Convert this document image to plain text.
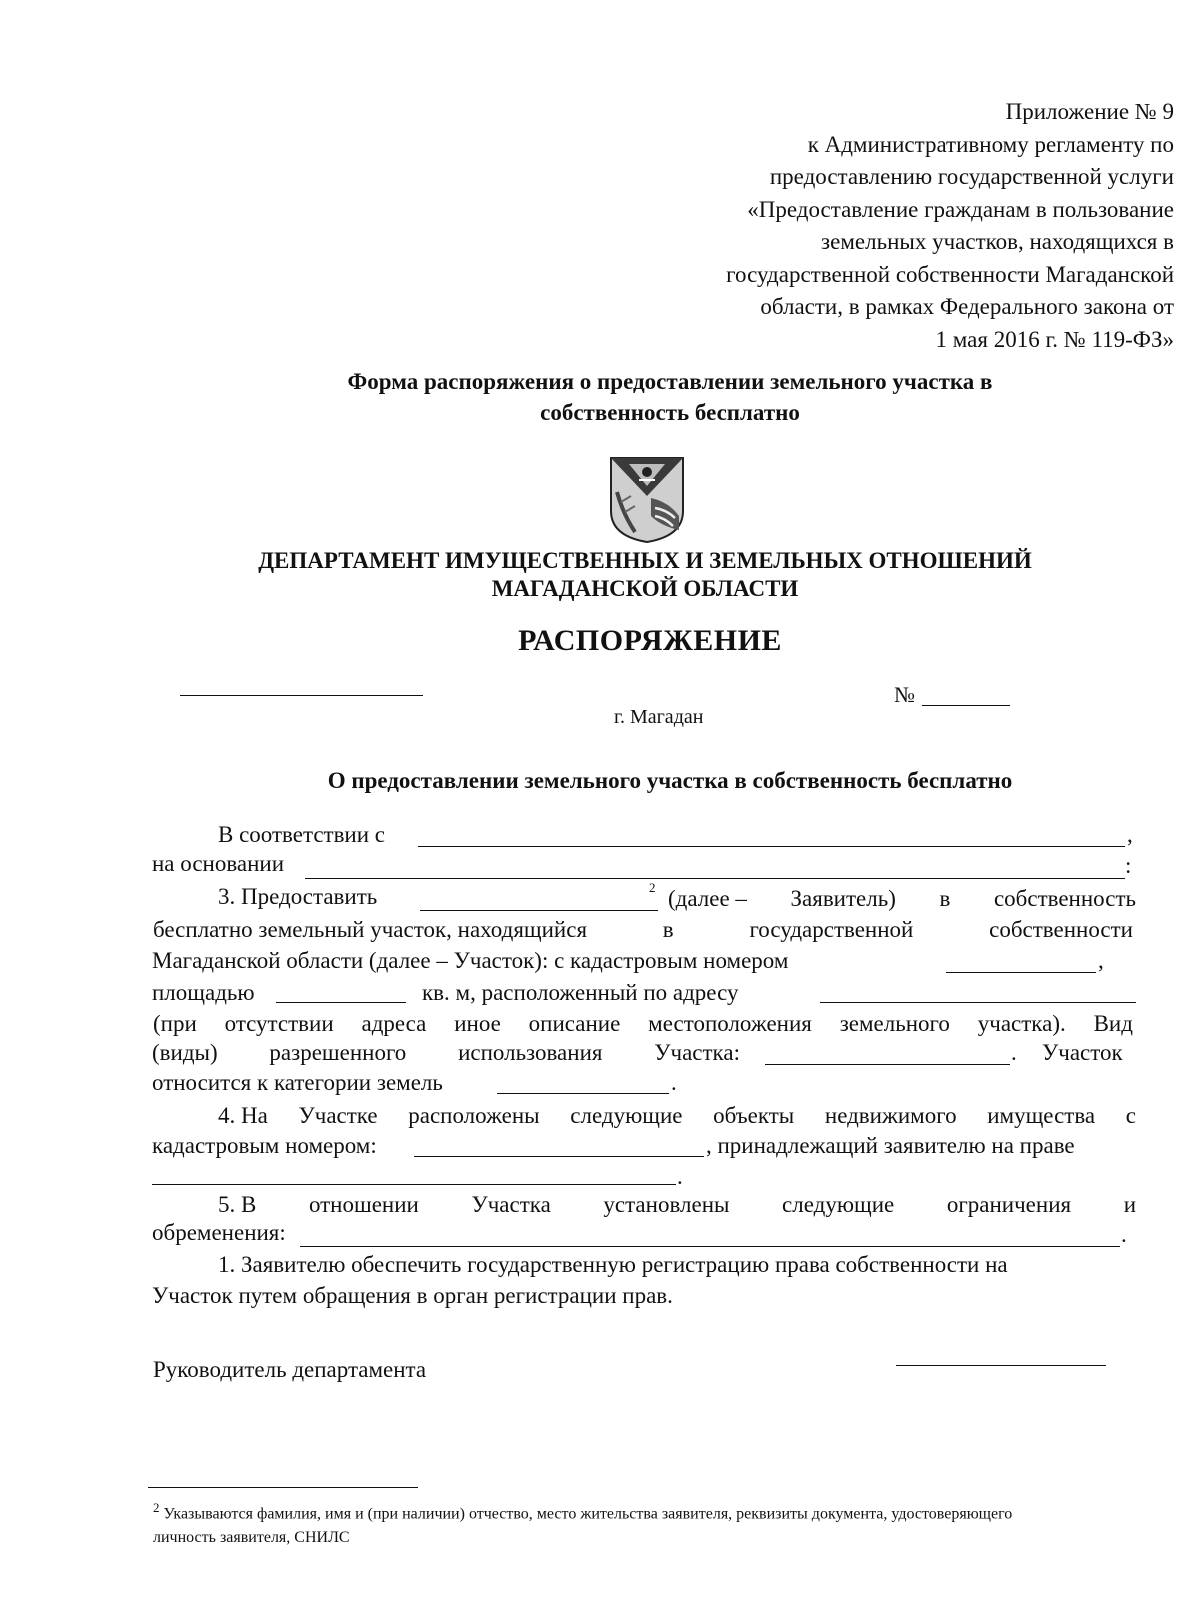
Приложение № 9
к Административному регламенту по
предоставлению государственной услуги
«Предоставление гражданам в пользование
земельных участков, находящихся в
государственной собственности Магаданской
области, в рамках Федерального закона от
1 мая 2016 г. № 119-ФЗ»
Форма распоряжения о предоставлении земельного участка в
собственность бесплатно
ДЕПАРТАМЕНТ ИМУЩЕСТВЕННЫХ И ЗЕМЕЛЬНЫХ ОТНОШЕНИЙ
МАГАДАНСКОЙ ОБЛАСТИ
РАСПОРЯЖЕНИЕ
№
г. Магадан
О предоставлении земельного участка в собственность бесплатно
В соответствии с	,
на основании	:
3. Предоставить	2 (далее – Заявитель) в собственность
бесплатно земельный участок, находящийся	в	государственной	собственности
Магаданской области (далее – Участок): с кадастровым номером	,
площадью	кв. м, расположенный по адресу
(при отсутствии адреса иное описание местоположения земельного участка). Вид
(виды) разрешенного использования Участка:	. Участок
относится к категории земель	.
4. На Участке расположены следующие объекты недвижимого имущества с
кадастровым номером:	, принадлежащий заявителю на праве
.
5. В отношении Участка установлены следующие ограничения и
обременения:	.
1. Заявителю обеспечить государственную регистрацию права собственности на
Участок путем обращения в орган регистрации прав.
Руководитель департамента
$^2$ Указываются фамилия, имя и (при наличии) отчество, место жительства заявителя, реквизиты документа, удостоверяющего личность заявителя, СНИЛС
